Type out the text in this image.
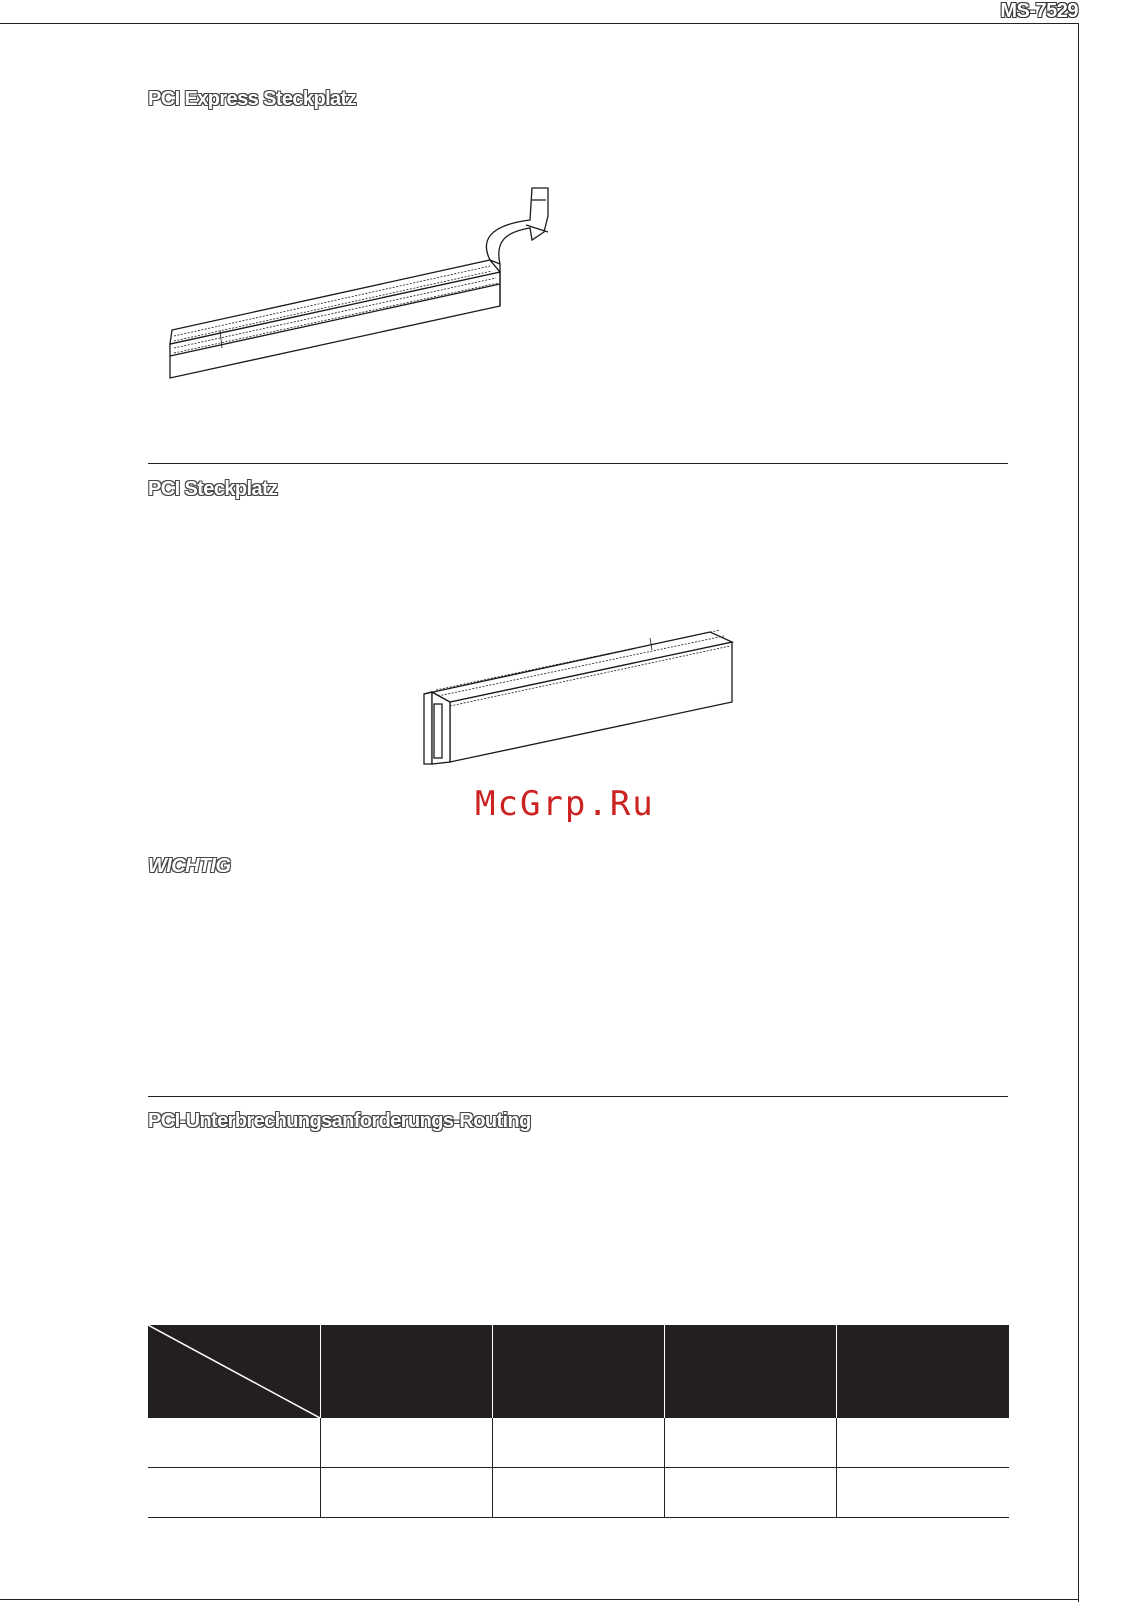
MS-7529
PCI Express Steckplatz
PCI Steckplatz
McGrp.Ru
WICHTIG
PCI-Unterbrechungsanforderungs-Routing
